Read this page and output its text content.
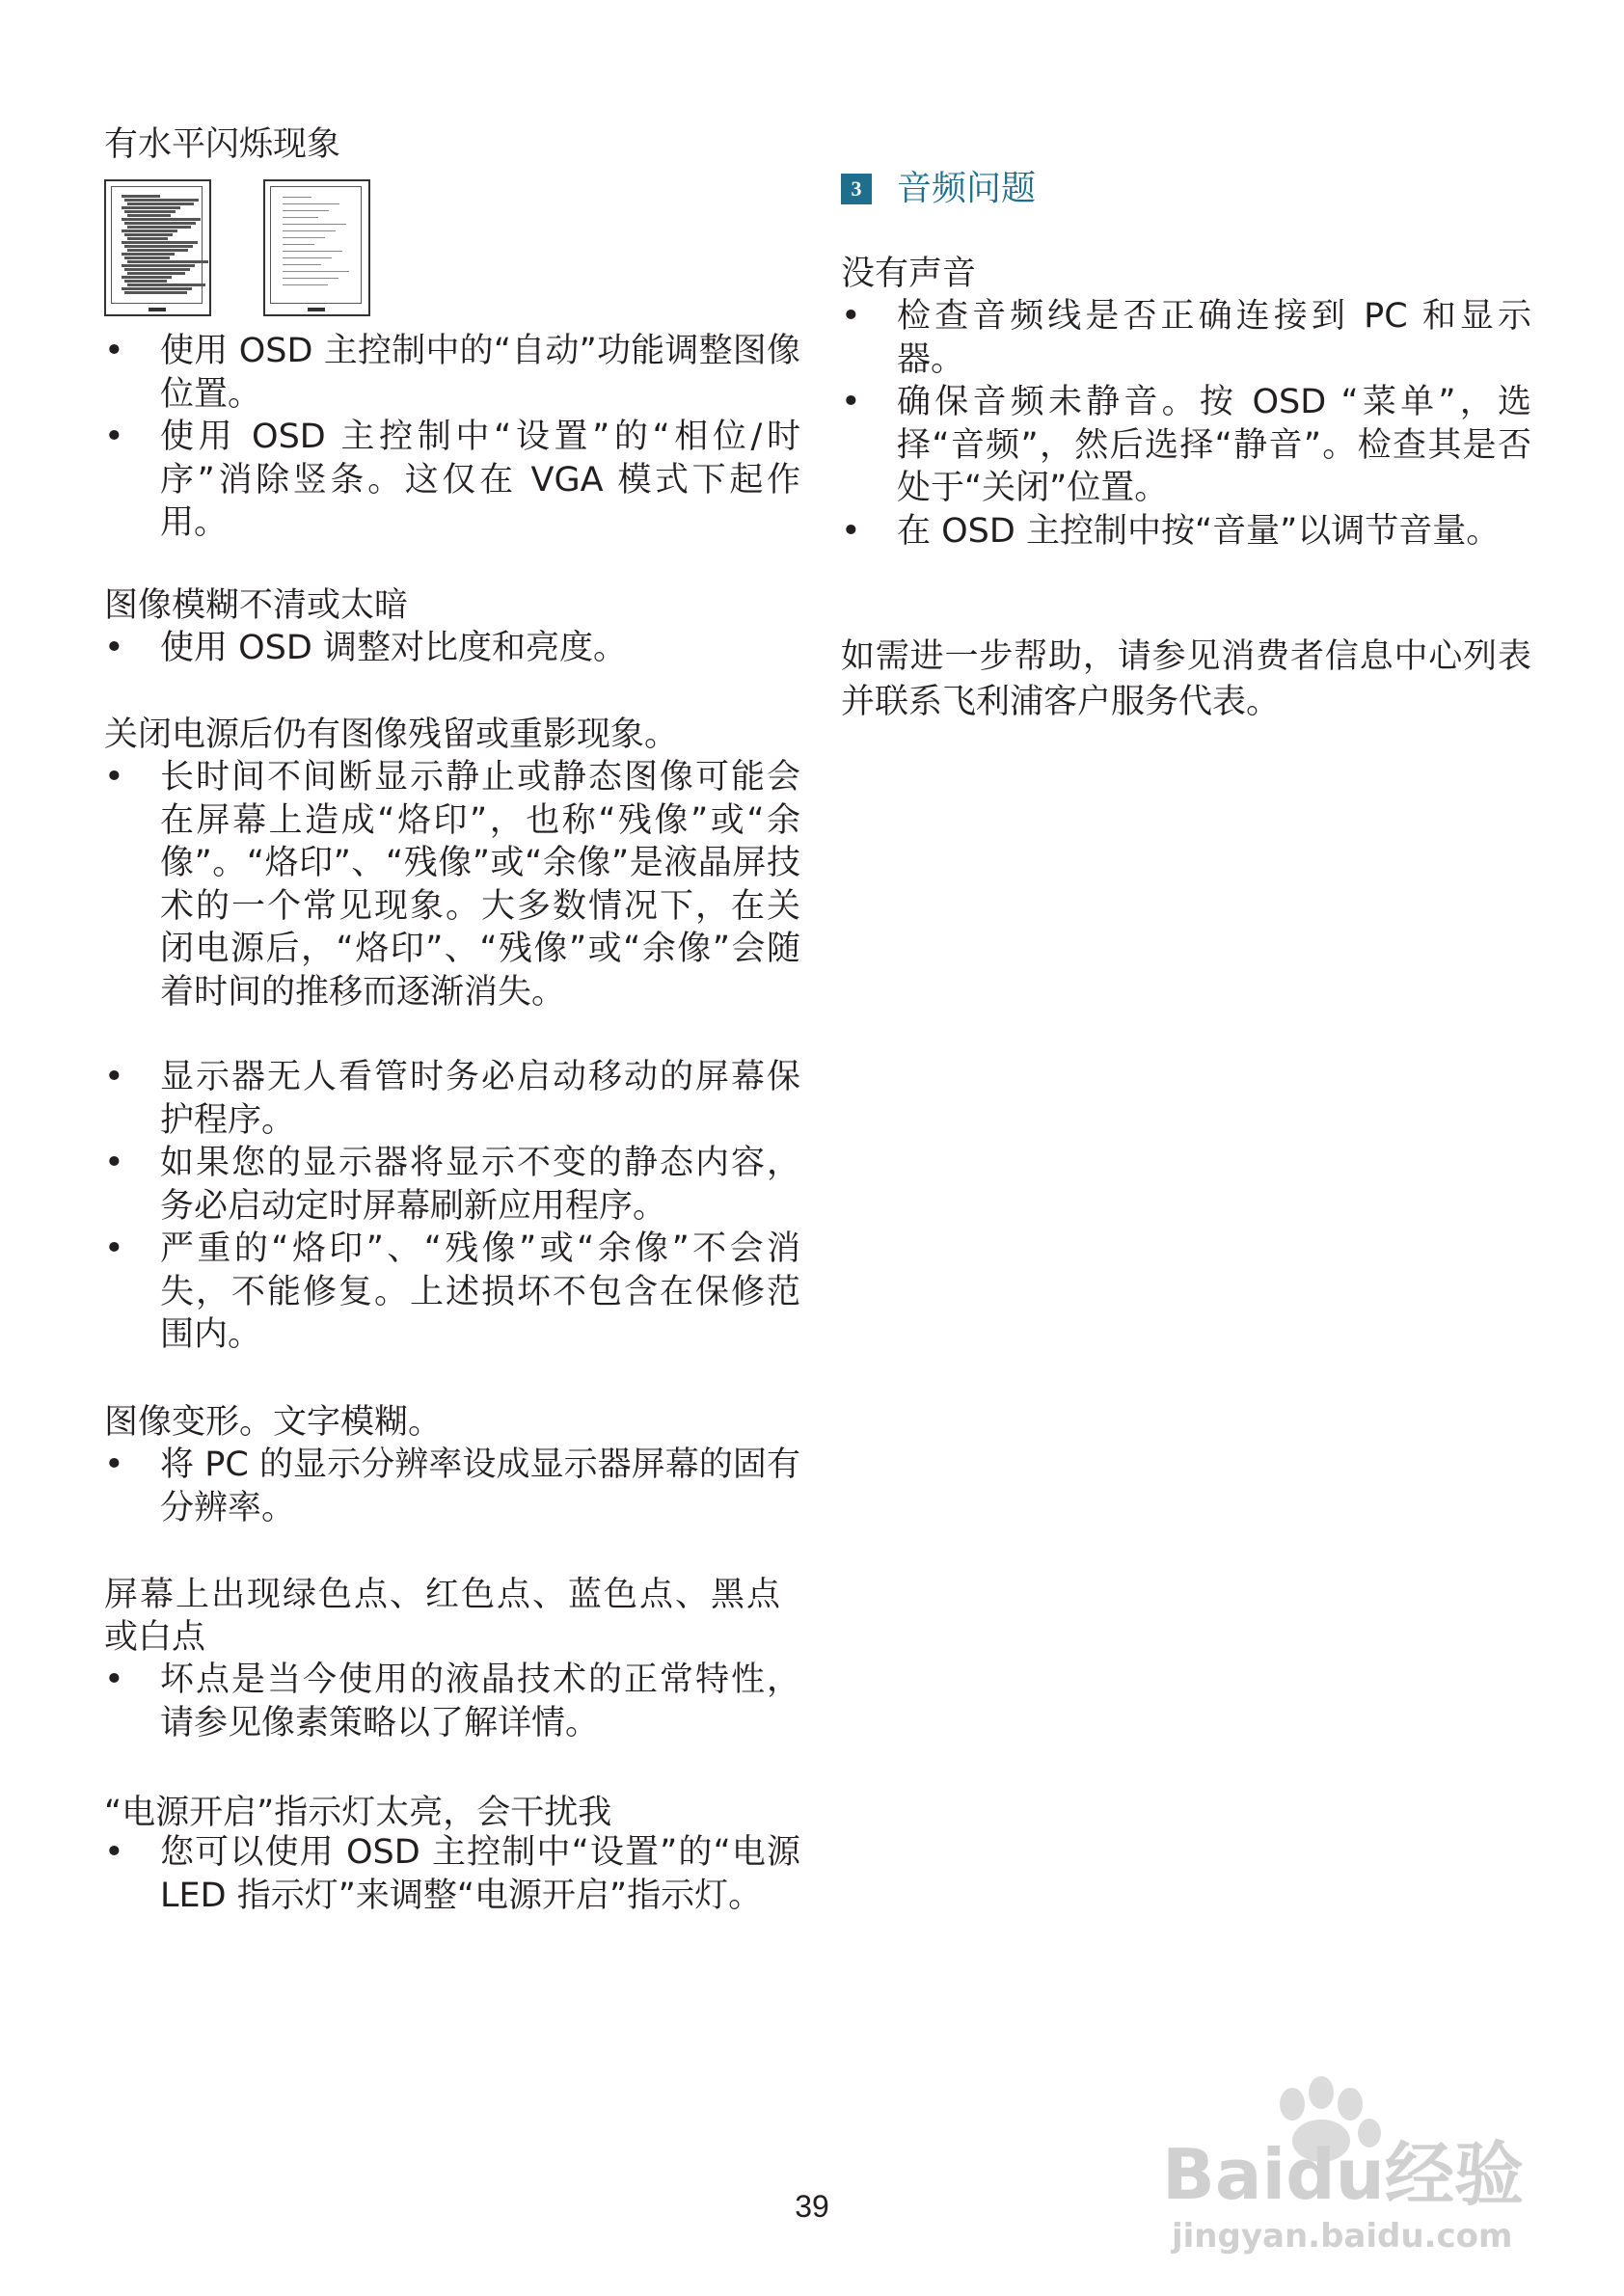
有水平闪烁现象
• 使用 OSD 主控制中的“自动”功能调整图像位置。
• 使用 OSD 主控制中“设置”的“相位/时序”消除竖条。这仅在 VGA 模式下起作用。
图像模糊不清或太暗
• 使用 OSD 调整对比度和亮度。
关闭电源后仍有图像残留或重影现象。
• 长时间不间断显示静止或静态图像可能会在屏幕上造成“烙印”，也称“残像”或“余像”。“烙印”、“残像”或“余像”是液晶屏技术的一个常见现象。大多数情况下，在关闭电源后，“烙印”、“残像”或“余像”会随着时间的推移而逐渐消失。
• 显示器无人看管时务必启动移动的屏幕保护程序。
• 如果您的显示器将显示不变的静态内容，务必启动定时屏幕刷新应用程序。
• 严重的“烙印”、“残像”或“余像”不会消失，不能修复。上述损坏不包含在保修范围内。
图像变形。文字模糊。
• 将 PC 的显示分辨率设成显示器屏幕的固有分辨率。
屏幕上出现绿色点、红色点、蓝色点、黑点
或白点
• 坏点是当今使用的液晶技术的正常特性，请参见像素策略以了解详情。
“电源开启”指示灯太亮，会干扰我
• 您可以使用 OSD 主控制中“设置”的“电源 LED 指示灯”来调整“电源开启”指示灯。
3 音频问题
没有声音
• 检查音频线是否正确连接到 PC 和显示器。
• 确保音频未静音。按 OSD “菜单”，选择“音频”，然后选择“静音”。检查其是否处于“关闭”位置。
• 在 OSD 主控制中按“音量”以调节音量。
如需进一步帮助，请参见消费者信息中心列表并联系飞利浦客户服务代表。
39	Baidu经验
jingyan.baidu.com
